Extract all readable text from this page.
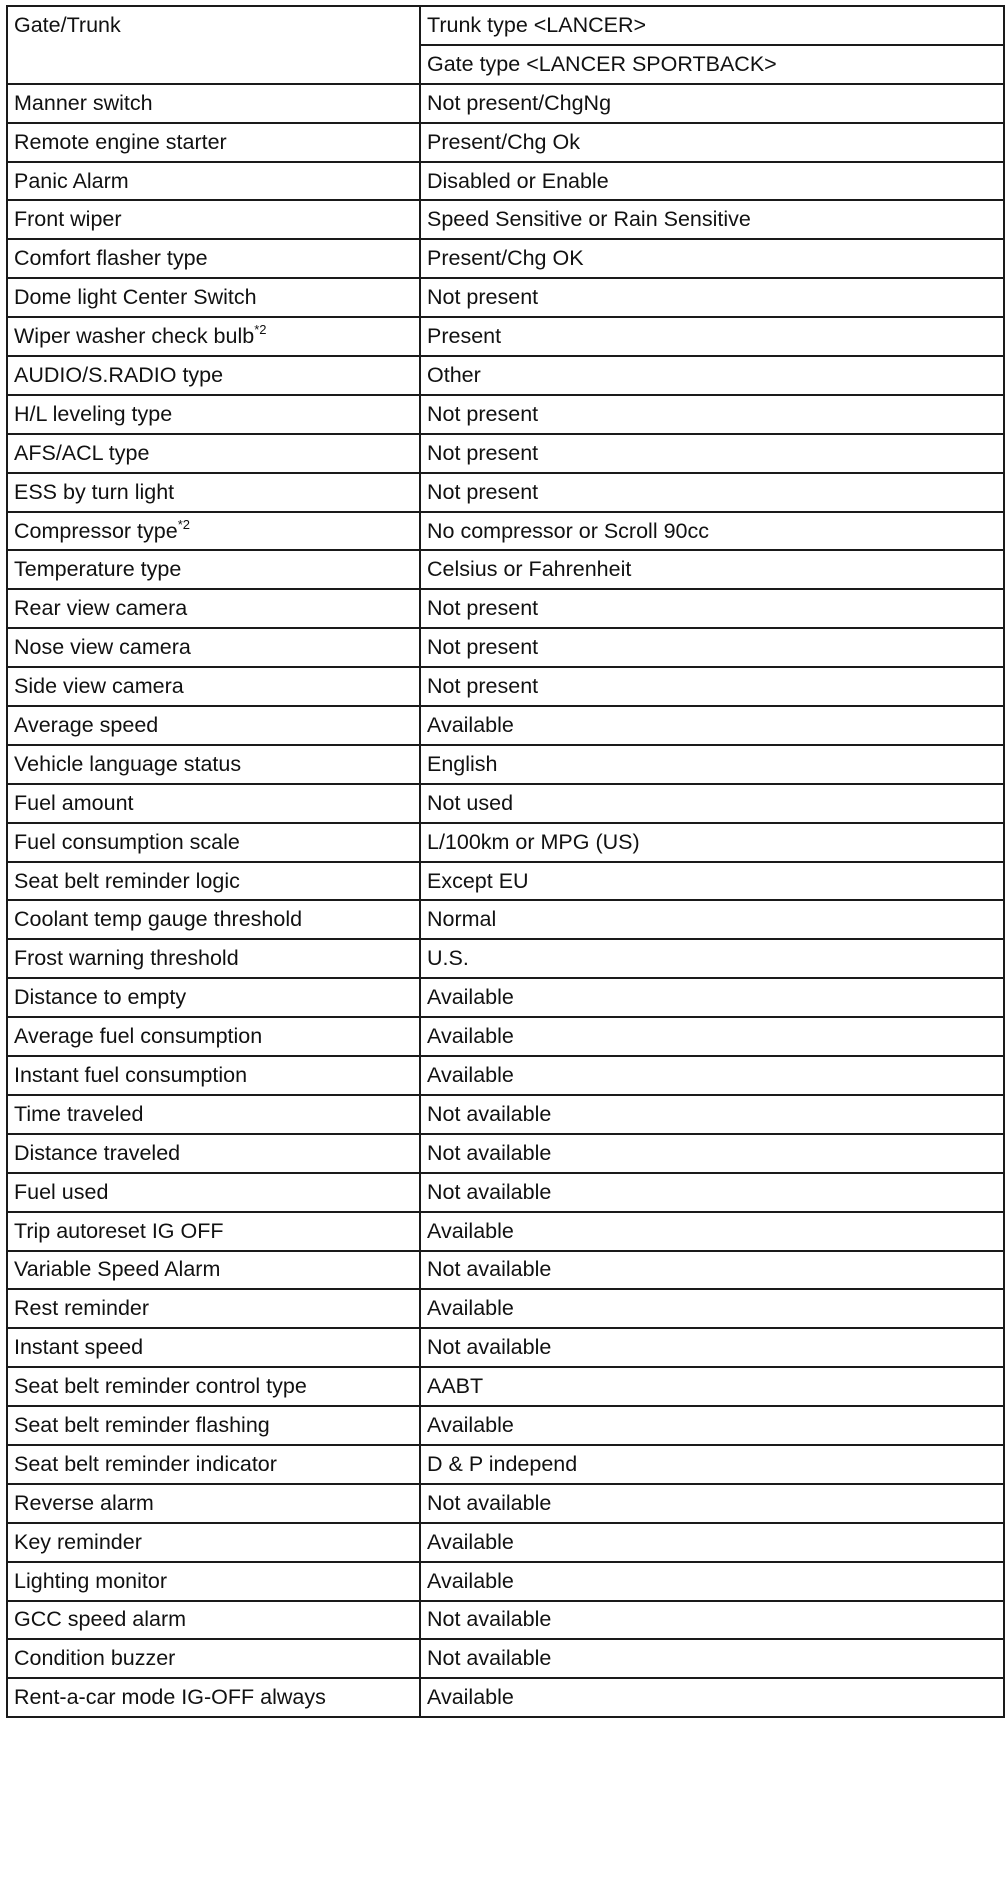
Gate/Trunk	Trunk type <LANCER>
	Gate type <LANCER SPORTBACK>
Manner switch	Not present/ChgNg
Remote engine starter	Present/Chg Ok
Panic Alarm	Disabled or Enable
Front wiper	Speed Sensitive or Rain Sensitive
Comfort flasher type	Present/Chg OK
Dome light Center Switch	Not present
Wiper washer check bulb$^{*2}$	Present
AUDIO/S.RADIO type	Other
H/L leveling type	Not present
AFS/ACL type	Not present
ESS by turn light	Not present
Compressor type$^{*2}$	No compressor or Scroll 90cc
Temperature type	Celsius or Fahrenheit
Rear view camera	Not present
Nose view camera	Not present
Side view camera	Not present
Average speed	Available
Vehicle language status	English
Fuel amount	Not used
Fuel consumption scale	L/100km or MPG (US)
Seat belt reminder logic	Except EU
Coolant temp gauge threshold	Normal
Frost warning threshold	U.S.
Distance to empty	Available
Average fuel consumption	Available
Instant fuel consumption	Available
Time traveled	Not available
Distance traveled	Not available
Fuel used	Not available
Trip autoreset IG OFF	Available
Variable Speed Alarm	Not available
Rest reminder	Available
Instant speed	Not available
Seat belt reminder control type	AABT
Seat belt reminder flashing	Available
Seat belt reminder indicator	D & P independ
Reverse alarm	Not available
Key reminder	Available
Lighting monitor	Available
GCC speed alarm	Not available
Condition buzzer	Not available
Rent-a-car mode IG-OFF always	Available
